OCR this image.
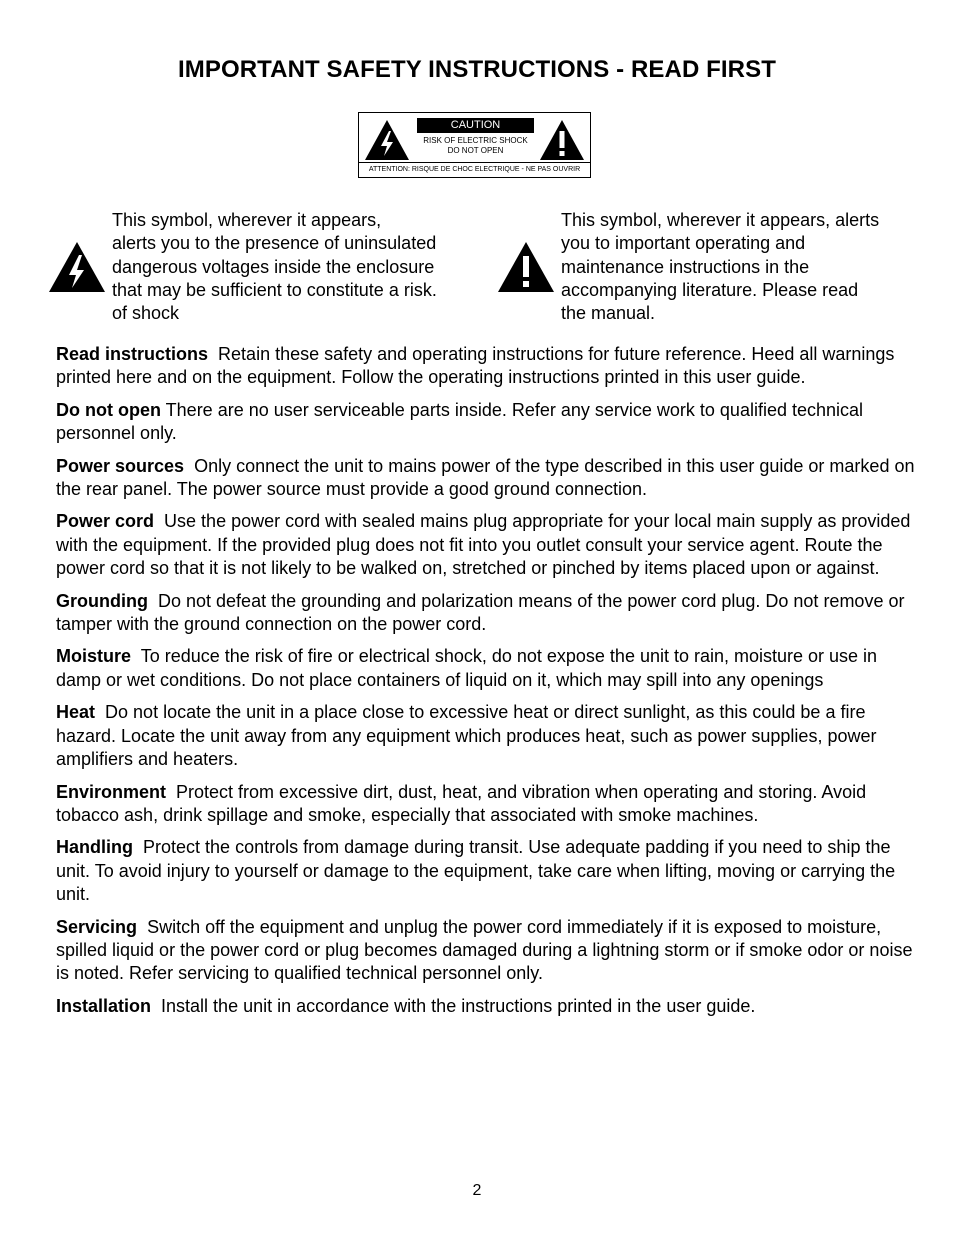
IMPORTANT SAFETY INSTRUCTIONS - READ FIRST
CAUTION
RISK OF ELECTRIC SHOCK
DO NOT OPEN
ATTENTION: RISQUE DE CHOC ELECTRIQUE - NE PAS OUVRIR
This symbol, wherever it appears,
alerts you to the presence of uninsulated
dangerous voltages inside the enclosure
that may be sufficient to constitute a risk.
of shock
This symbol, wherever it appears, alerts
you to important operating and
maintenance instructions in the
accompanying literature. Please read
the manual.

Read instructions Retain these safety and operating instructions for future reference. Heed all warnings printed here and on the equipment. Follow the operating instructions printed in this user guide.

Do not open There are no user serviceable parts inside. Refer any service work to qualified technical personnel only.

Power sources Only connect the unit to mains power of the type described in this user guide or marked on the rear panel. The power source must provide a good ground connection.

Power cord Use the power cord with sealed mains plug appropriate for your local main supply as provided with the equipment. If the provided plug does not fit into you outlet consult your service agent. Route the power cord so that it is not likely to be walked on, stretched or pinched by items placed upon or against.

Grounding Do not defeat the grounding and polarization means of the power cord plug. Do not remove or tamper with the ground connection on the power cord.

Moisture To reduce the risk of fire or electrical shock, do not expose the unit to rain, moisture or use in damp or wet conditions. Do not place containers of liquid on it, which may spill into any openings

Heat Do not locate the unit in a place close to excessive heat or direct sunlight, as this could be a fire hazard. Locate the unit away from any equipment which produces heat, such as power supplies, power amplifiers and heaters.

Environment Protect from excessive dirt, dust, heat, and vibration when operating and storing. Avoid tobacco ash, drink spillage and smoke, especially that associated with smoke machines.

Handling Protect the controls from damage during transit. Use adequate padding if you need to ship the unit. To avoid injury to yourself or damage to the equipment, take care when lifting, moving or carrying the unit.

Servicing Switch off the equipment and unplug the power cord immediately if it is exposed to moisture, spilled liquid or the power cord or plug becomes damaged during a lightning storm or if smoke odor or noise is noted. Refer servicing to qualified technical personnel only.

Installation Install the unit in accordance with the instructions printed in the user guide.

2
